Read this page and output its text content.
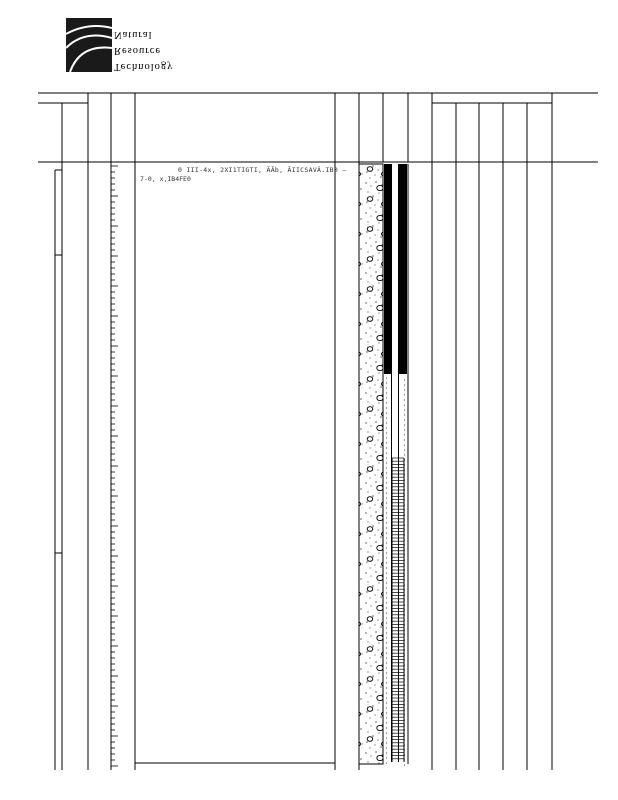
Technology
Resource
Natural
0 III-4x, 2XI1TIGTI, ÃÃb, ÃIICSAVÂ.IB0 —
7-0, x,IB4FE0
